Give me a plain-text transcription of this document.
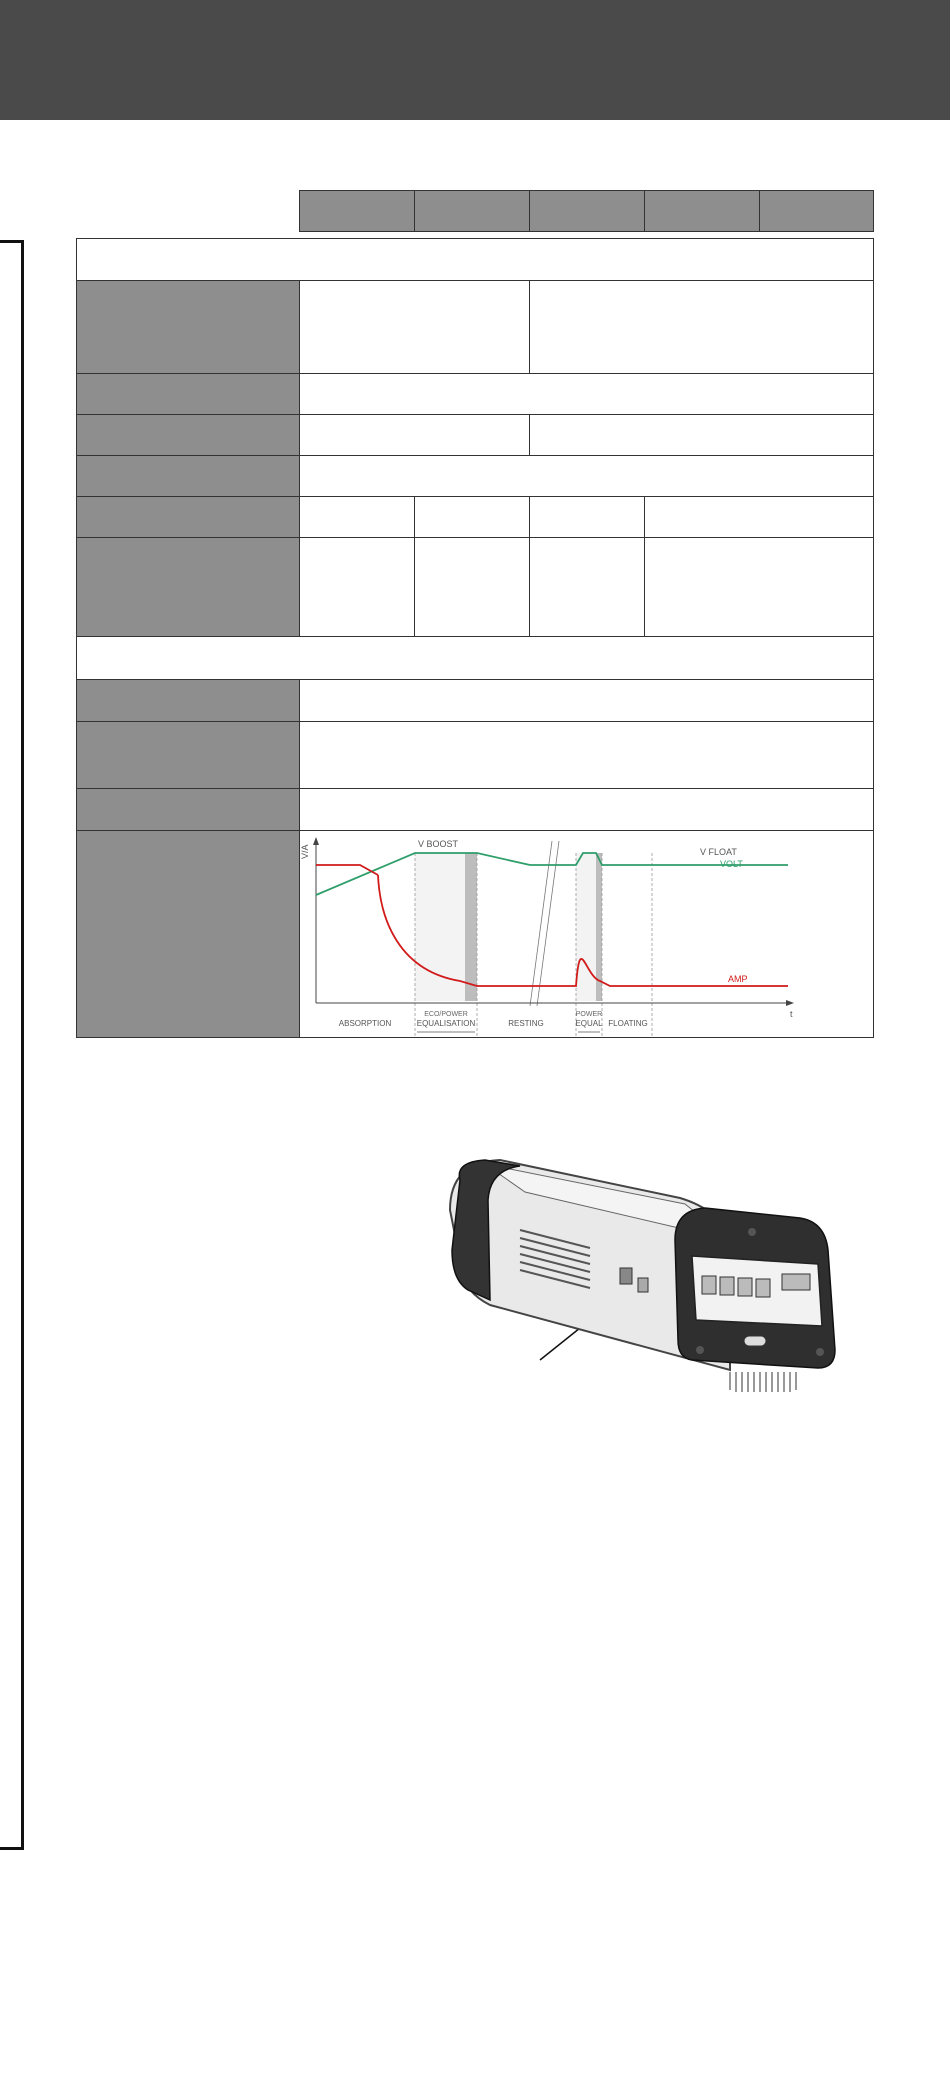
V/A
V BOOST
V FLOAT
VOLT
AMP
t
ECO/POWER	POWER
ABSORPTION	EQUALISATION	RESTING	EQUAL FLOATING
